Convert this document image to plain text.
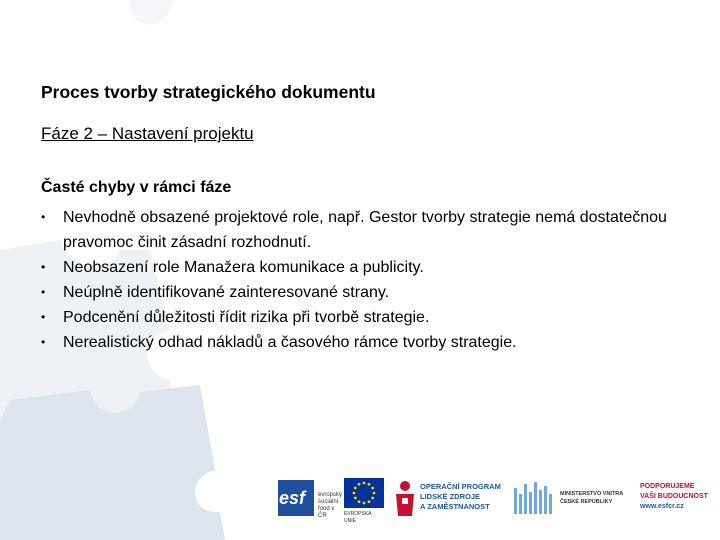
Proces tvorby strategického dokumentu
Fáze 2 – Nastavení projektu
Časté chyby v rámci fáze
• Nevhodně obsazené projektové role, např. Gestor tvorby strategie nemá dostatečnou pravomoc činit zásadní rozhodnutí.
• Neobsazení role Manažera komunikace a publicity.
• Neúplně identifikované zainteresované strany.
• Podcenění důležitosti řídit rizika při tvorbě strategie.
• Nerealistický odhad nákladů a časového rámce tvorby strategie.
esf evropský
sociální
fond v ČR	EVROPSKÁ UNIE
OPERAČNÍ PROGRAM
LIDSKÉ ZDROJE
A ZAMĚSTNANOST
MINISTERSTVO VNITRA
ČESKÉ REPUBLIKY
PODPORUJEME
VAŠI BUDOUCNOST
www.esfcr.cz
